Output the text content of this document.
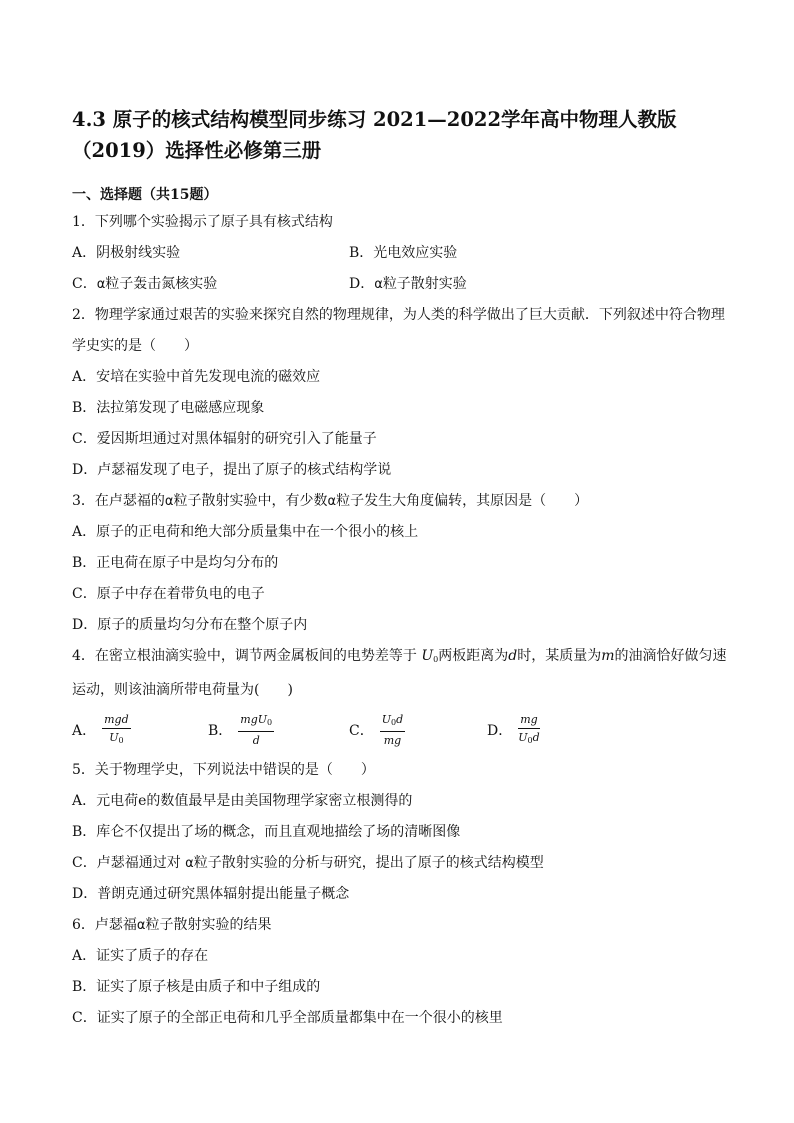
4.3 原子的核式结构模型同步练习 2021—2022学年高中物理人教版
（2019）选择性必修第三册
一、选择题（共15题）
1．下列哪个实验揭示了原子具有核式结构
A．阴极射线实验	B．光电效应实验
C．α粒子轰击氮核实验	D．α粒子散射实验
2．物理学家通过艰苦的实验来探究自然的物理规律，为人类的科学做出了巨大贡献．下列叙述中符合物理学史实的是（　　）
A．安培在实验中首先发现电流的磁效应
B．法拉第发现了电磁感应现象
C．爱因斯坦通过对黑体辐射的研究引入了能量子
D．卢瑟福发现了电子，提出了原子的核式结构学说
3．在卢瑟福的α粒子散射实验中，有少数α粒子发生大角度偏转，其原因是（　　）
A．原子的正电荷和绝大部分质量集中在一个很小的核上
B．正电荷在原子中是均匀分布的
C．原子中存在着带负电的电子
D．原子的质量均匀分布在整个原子内
4．在密立根油滴实验中，调节两金属板间的电势差等于 $U_0$两板距离为d时，某质量为m的油滴恰好做匀速运动，则该油滴所带电荷量为(　　)
A． $\frac{\text{mgd}}{U_0}$	B． $\frac{mgU_0}{d}$	C． $\frac{U_0d}{mg}$	D． $\frac{mg}{U_0d}$
5．关于物理学史，下列说法中错误的是（　　）
A．元电荷e的数值最早是由美国物理学家密立根测得的
B．库仑不仅提出了场的概念，而且直观地描绘了场的清晰图像
C．卢瑟福通过对 α粒子散射实验的分析与研究，提出了原子的核式结构模型
D．普朗克通过研究黑体辐射提出能量子概念
6．卢瑟福α粒子散射实验的结果
A．证实了质子的存在
B．证实了原子核是由质子和中子组成的
C．证实了原子的全部正电荷和几乎全部质量都集中在一个很小的核里
